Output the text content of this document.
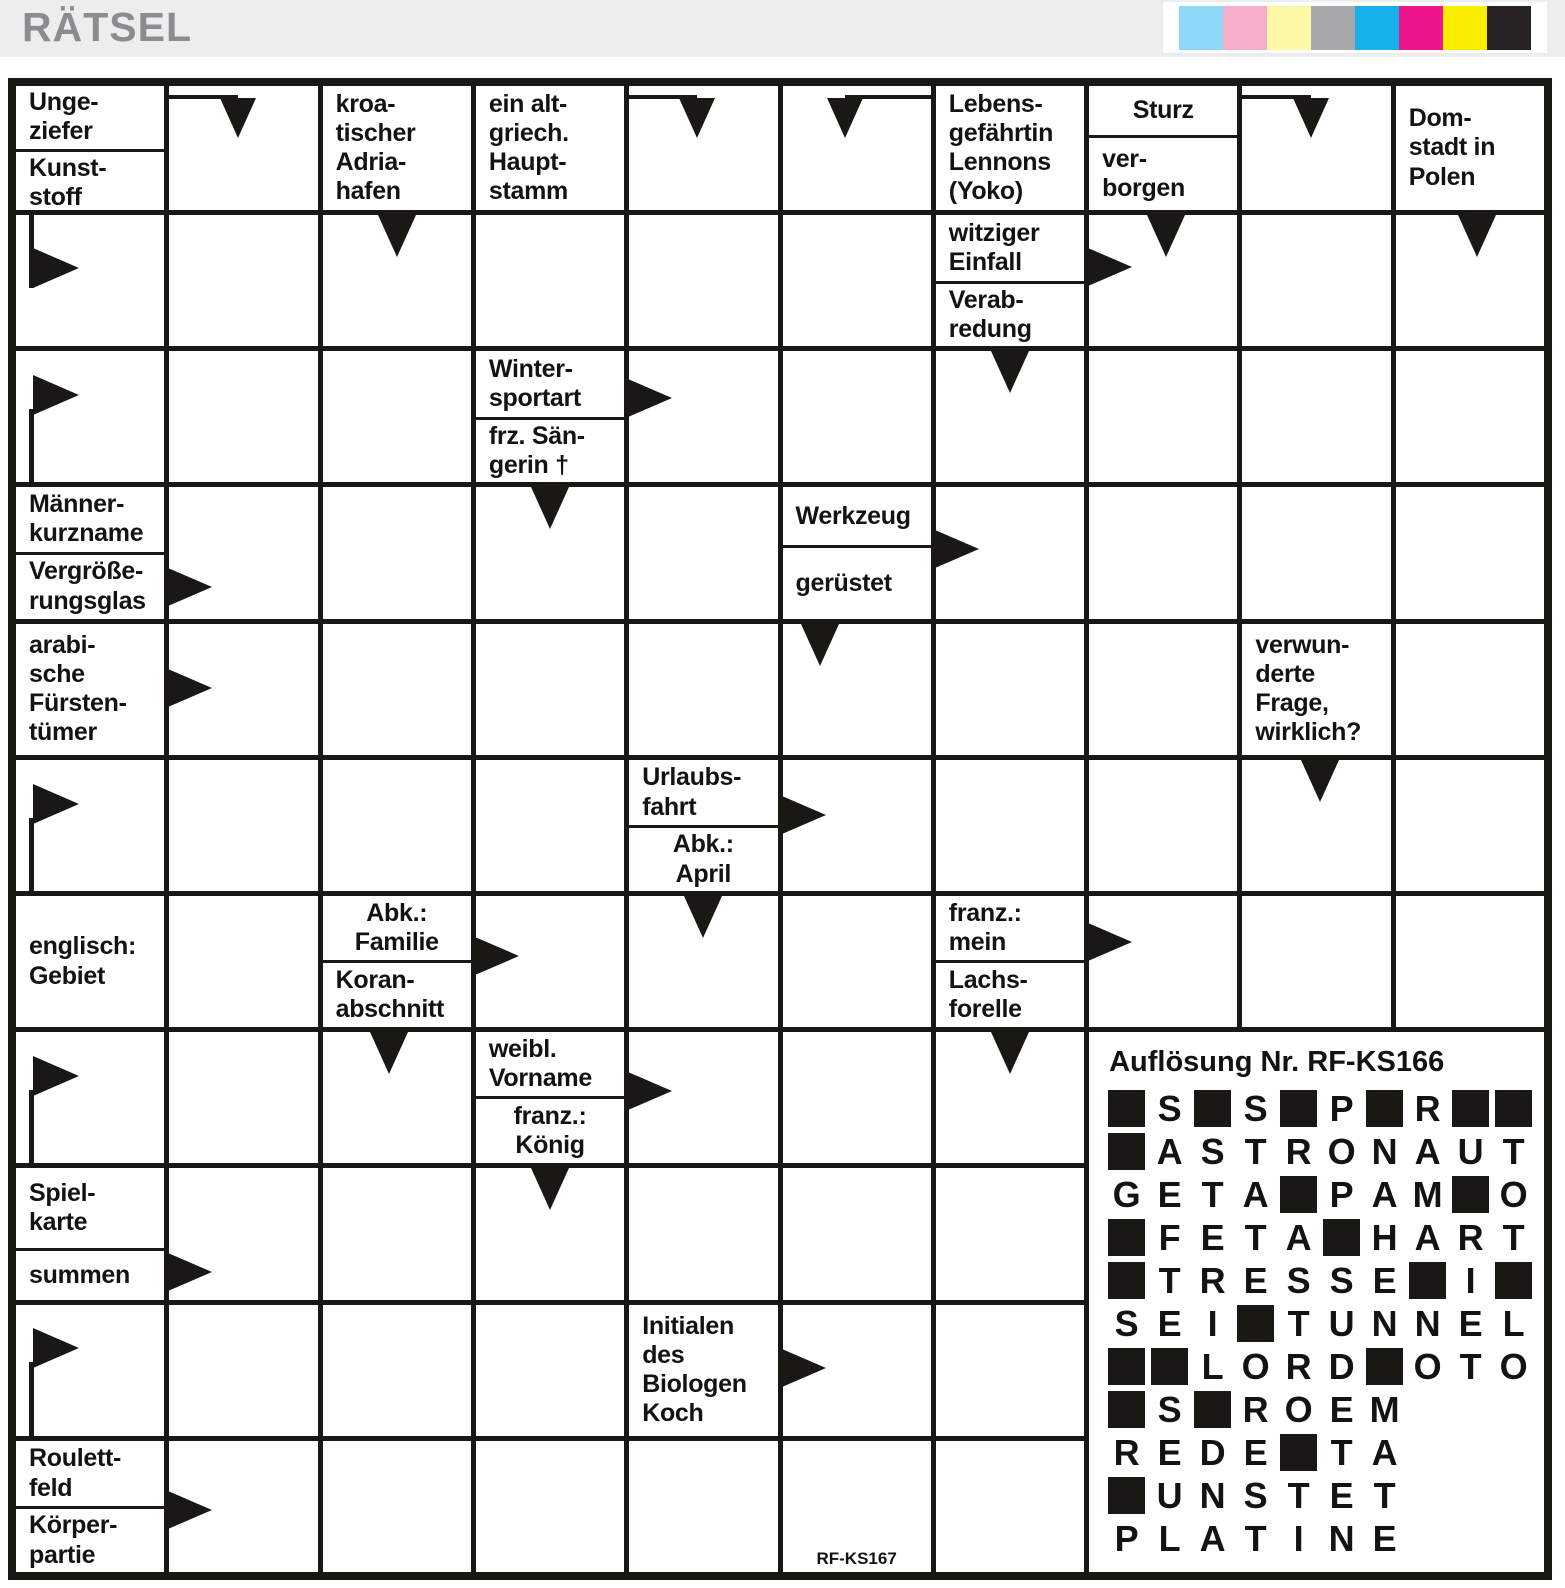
RÄTSEL
Unge-
ziefer
Kunst-
stoff
kroa-
tischer
Adria-
hafen
ein alt-
griech.
Haupt-
stamm
Lebens-
gefährtin
Lennons
(Yoko)
Sturz
ver-
borgen
Dom-
stadt in
Polen
witziger
Einfall
Verab-
redung
Winter-
sportart
frz. Sän-
gerin †
Männer-
kurzname
Vergröße-
rungsglas
Werkzeug
gerüstet
arabi-
sche
Fürsten-
tümer
verwun-
derte
Frage,
wirklich?
Urlaubs-
fahrt
Abk.:
April
englisch:
Gebiet
Abk.:
Familie
Koran-
abschnitt
franz.:
mein
Lachs-
forelle
weibl.
Vorname
franz.:
König
Spiel-
karte
summen
Initialen
des
Biologen
Koch
Roulett-
feld
Körper-
partie	RF-KS167
Auflösung Nr. RF-KS166
S S P R
A S T R O N A U T
G E T A P A M O
F E T A H A R T
T R E S S E	I
S E I	T U N N E L
L O R D O T O
S R O E M
R E D E T A
U N S T E T
P L A T I N E
